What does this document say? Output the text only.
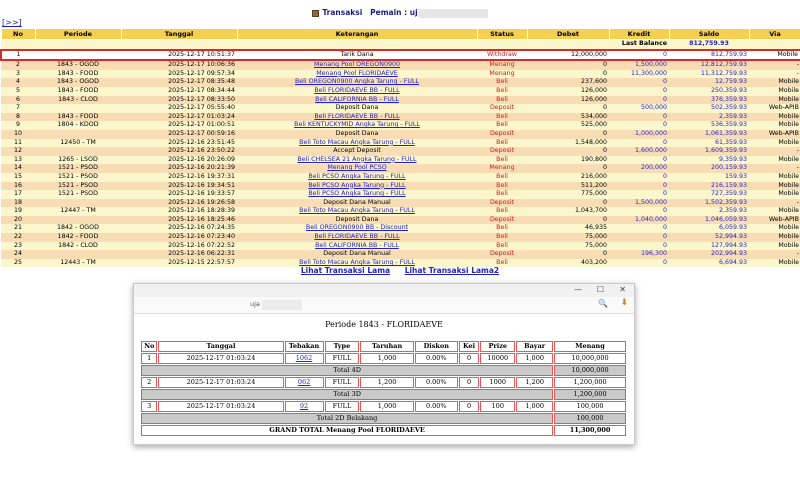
Transaksi Pemain : uj
[>>]
No	Periode	Tanggal	Keterangan	Status	Debet	Kredit	Saldo	Via
						Last Balance	812,759.93	
1		2025-12-17 10:51:37	Tarik Dana	Withdraw	12,000,000	0	812,759.93	Mobile
2	1843 - OGOD	2025-12-17 10:06:36	Menang Pool OREGON0900	Menang	0	1,500,000	12,812,759.93	-
3	1843 - FOOD	2025-12-17 09:57:34	Menang Pool FLORIDAEVE	Menang	0	11,300,000	11,312,759.93	-
4	1843 - OGOD	2025-12-17 08:35:48	Beli OREGON0900 Angka Tarung - FULL	Beli	237,600	0	12,759.93	Mobile
5	1843 - FOOD	2025-12-17 08:34:44	Beli FLORIDAEVE BB - FULL	Beli	126,000	0	250,359.93	Mobile
6	1843 - CLOD	2025-12-17 08:33:50	Beli CALIFORNIA BB - FULL	Beli	126,000	0	376,359.93	Mobile
7		2025-12-17 05:55:40	Deposit Dana	Deposit	0	500,000	502,359.93	Web-APIB
8	1843 - FOOD	2025-12-17 01:03:24	Beli FLORIDAEVE BB - FULL	Beli	534,000	0	2,359.93	Mobile
9	1804 - KDOD	2025-12-17 01:00:51	Beli KENTUCKYMID Angka Tarung - FULL	Beli	525,000	0	536,359.93	Mobile
10		2025-12-17 00:59:16	Deposit Dana	Deposit	0	1,000,000	1,061,359.93	Web-APIB
11	12450 - TM	2025-12-16 23:51:45	Beli Toto Macau Angka Tarung - FULL	Beli	1,548,000	0	61,359.93	Mobile
12		2025-12-16 23:50:22	Accept Deposit	Deposit	0	1,600,000	1,609,359.93	-
13	1265 - LSOD	2025-12-16 20:26:09	Beli CHELSEA 21 Angka Tarung - FULL	Beli	190,800	0	9,359.93	Mobile
14	1521 - PSOD	2025-12-16 20:21:39	Menang Pool PCSO	Menang	0	200,000	200,159.93	-
15	1521 - PSOD	2025-12-16 19:37:31	Beli PCSO Angka Tarung - FULL	Beli	216,000	0	159.93	Mobile
16	1521 - PSOD	2025-12-16 19:34:51	Beli PCSO Angka Tarung - FULL	Beli	511,200	0	216,159.93	Mobile
17	1521 - PSOD	2025-12-16 19:33:57	Beli PCSO Angka Tarung - FULL	Beli	775,000	0	727,359.93	Mobile
18		2025-12-16 19:26:58	Deposit Dana Manual	Deposit	0	1,500,000	1,502,359.93	-
19	12447 - TM	2025-12-16 18:28:39	Beli Toto Macau Angka Tarung - FULL	Beli	1,043,700	0	2,359.93	Mobile
20		2025-12-16 18:25:46	Deposit Dana	Deposit	0	1,040,000	1,046,059.93	Web-APIB
21	1842 - OGOD	2025-12-16 07:24:35	Beli OREGON0900 BB - Discount	Beli	46,935	0	6,059.93	Mobile
22	1842 - FOOD	2025-12-16 07:23:40	Beli FLORIDAEVE BB - FULL	Beli	75,000	0	52,994.93	Mobile
23	1842 - CLOD	2025-12-16 07:22:52	Beli CALIFORNIA BB - FULL	Beli	75,000	0	127,994.93	Mobile
24		2025-12-16 06:22:31	Deposit Dana Manual	Deposit	0	196,300	202,994.93	-
25	12443 - TM	2025-12-15 22:57:57	Beli Toto Macau Angka Tarung - FULL	Beli	403,200	0	6,694.93	Mobile
Lihat Transaksi Lama Lihat Transaksi Lama2
— ☐ ✕
uja	🔍 ⬇
Periode 1843 - FLORIDAEVE
No	Tanggal	Tebakan	Type	Taruhan	Diskon	Kei	Prize	Bayar	Menang
1	2025-12-17 01:03:24	1062	FULL	1,000	0.00%	0	10000	1,000	10,000,000
Total 4D									10,000,000
2	2025-12-17 01:03:24	062	FULL	1,200	0.00%	0	1000	1,200	1,200,000
Total 3D									1,200,000
3	2025-12-17 01:03:24	92	FULL	1,000	0.00%	0	100	1,000	100,000
Total 2D Belakang									100,000
GRAND TOTAL Menang Pool FLORIDAEVE									11,300,000
